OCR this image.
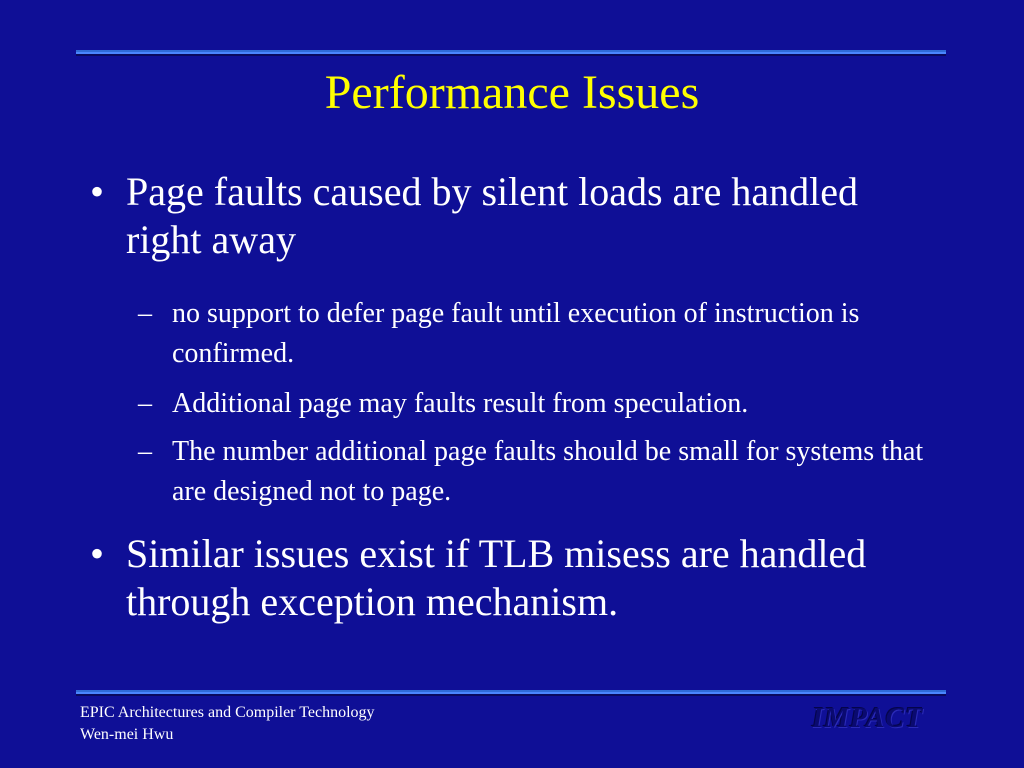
Performance Issues
• Page faults caused by silent loads are handled right away
– no support to defer page fault until execution of instruction is confirmed.
– Additional page may faults result from speculation.
– The number additional page faults should be small for systems that are designed not to page.
• Similar issues exist if TLB misess are handled through exception mechanism.
EPIC Architectures and Compiler Technology
Wen-mei Hwu
IMPACT
